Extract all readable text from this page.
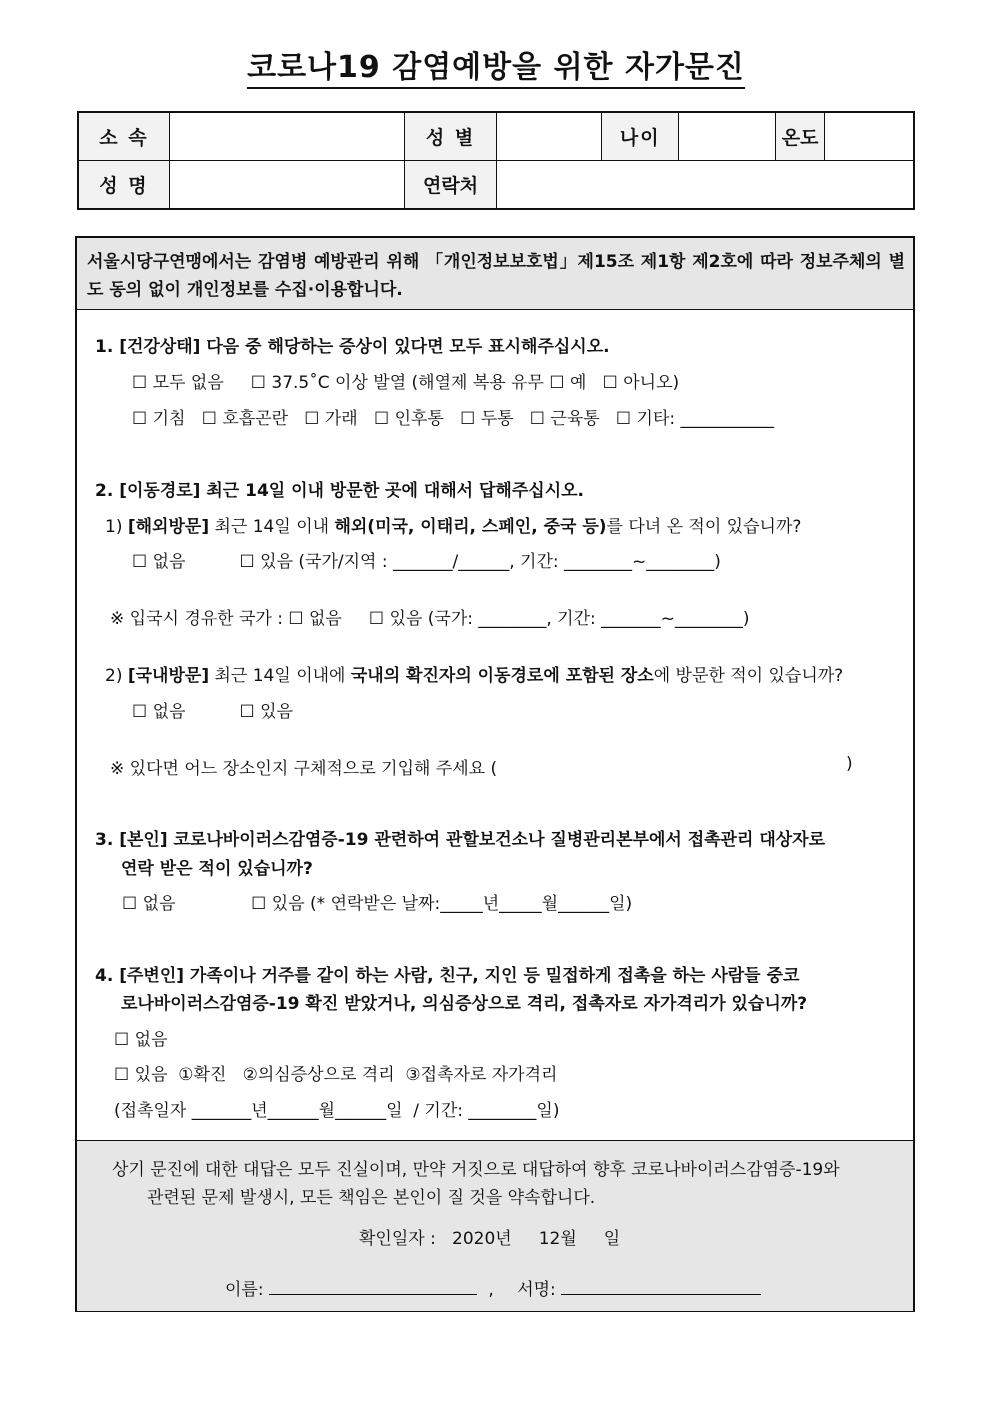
코로나19 감염예방을 위한 자가문진
소 속		성 별		나이		온도	
성 명		연락처					
서울시당구연맹에서는 감염병 예방관리 위해 「개인정보보호법」제15조 제1항 제2호에 따라 정보주체의 별도 동의 없이 개인정보를 수집·이용합니다.
1. [건강상태] 다음 중 해당하는 증상이 있다면 모두 표시해주십시오.
☐ 모두 없음     ☐ 37.5˚C 이상 발열 (해열제 복용 유무 ☐ 예   ☐ 아니오)
☐ 기침   ☐ 호흡곤란   ☐ 가래   ☐ 인후통   ☐ 두통   ☐ 근육통   ☐ 기타: ___________
2. [이동경로] 최근 14일 이내 방문한 곳에 대해서 답해주십시오.
1) [해외방문] 최근 14일 이내 해외(미국, 이태리, 스페인, 중국 등)를 다녀 온 적이 있습니까?
☐ 없음          ☐ 있음 (국가/지역 : _______/______, 기간: ________~________)
※ 입국시 경유한 국가 : ☐ 없음     ☐ 있음 (국가: ________, 기간: _______~________)
2) [국내방문] 최근 14일 이내에 국내의 확진자의 이동경로에 포함된 장소에 방문한 적이 있습니까?
☐ 없음          ☐ 있음
※ 있다면 어느 장소인지 구체적으로 기입해 주세요 (	)
3. [본인] 코로나바이러스감염증-19 관련하여 관할보건소나 질병관리본부에서 접촉관리 대상자로
연락 받은 적이 있습니까?
☐ 없음              ☐ 있음 (* 연락받은 날짜:_____년_____월______일)
4. [주변인] 가족이나 거주를 같이 하는 사람, 친구, 지인 등 밀접하게 접촉을 하는 사람들 중코
로나바이러스감염증-19 확진 받았거나, 의심증상으로 격리, 접촉자로 자가격리가 있습니까?
☐ 없음
☐ 있음  ①확진   ②의심증상으로 격리  ③접촉자로 자가격리
(접촉일자 _______년______월______일  / 기간: ________일)
상기 문진에 대한 대답은 모두 진실이며, 만약 거짓으로 대답하여 향후 코로나바이러스감염증-19와
관련된 문제 발생시, 모든 책임은 본인이 질 것을 약속합니다.
확인일자 :   2020년     12월     일
이름:	, 서명:
